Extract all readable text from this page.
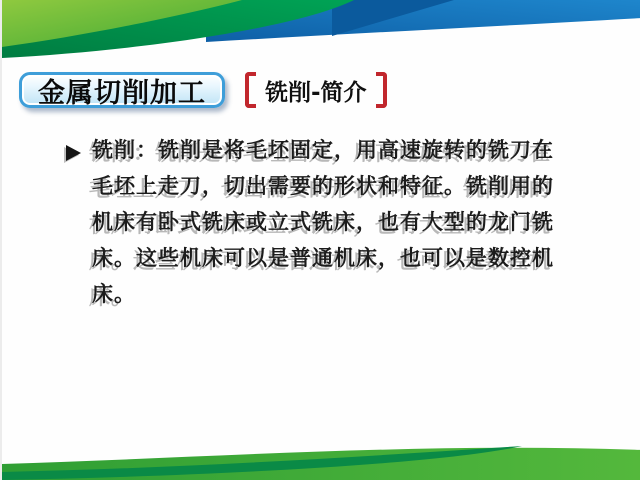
金属切削加工	铣削-简介
铣削：铣削是将毛坯固定，用高速旋转的铣刀在
毛坯上走刀，切出需要的形状和特征。铣削用的
机床有卧式铣床或立式铣床，也有大型的龙门铣
床。这些机床可以是普通机床，也可以是数控机
床。
